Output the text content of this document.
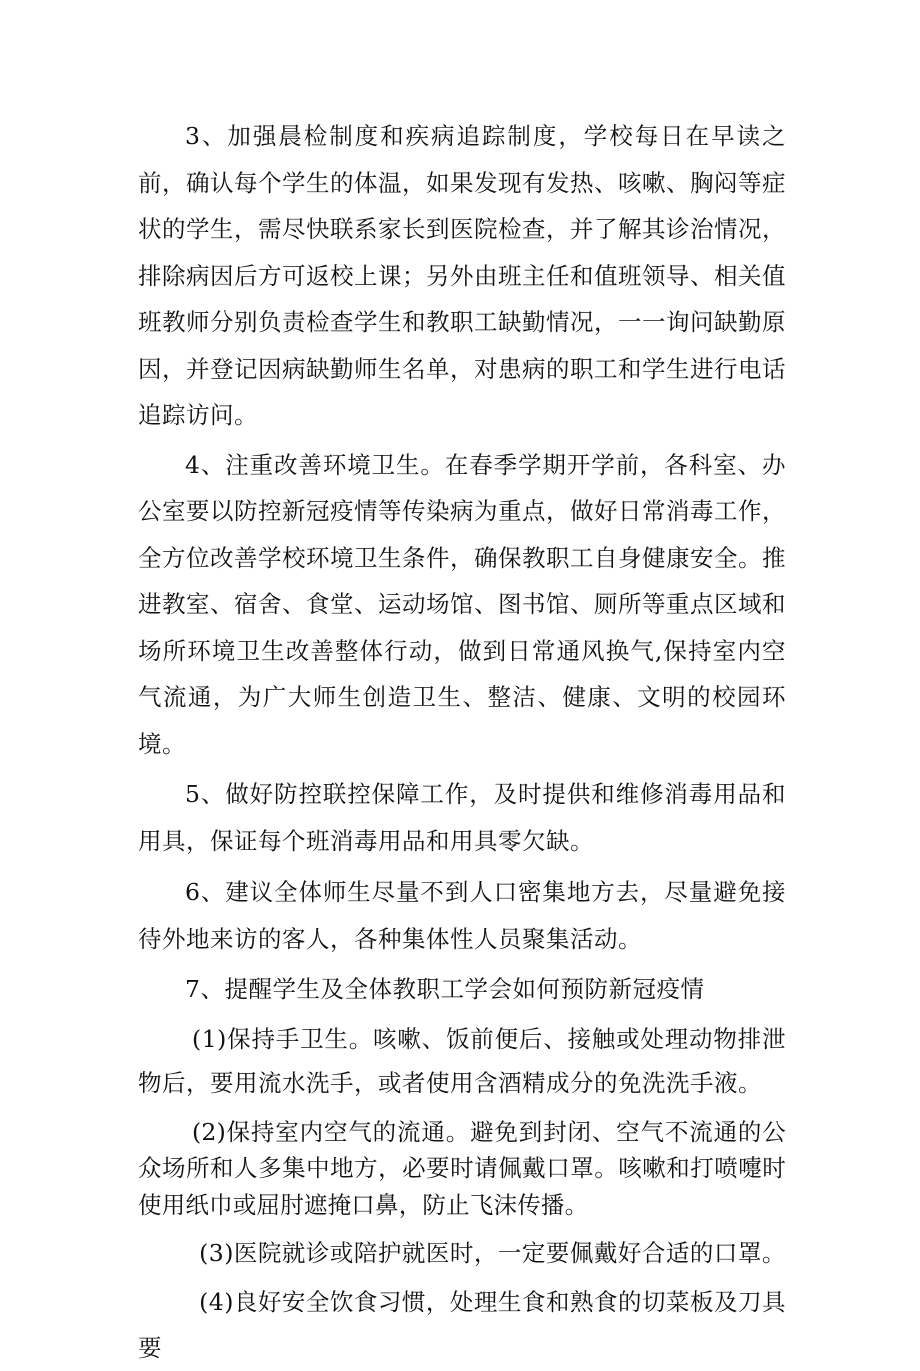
3、加强晨检制度和疾病追踪制度，学校每日在早读之前，确认每个学生的体温，如果发现有发热、咳嗽、胸闷等症状的学生，需尽快联系家长到医院检查，并了解其诊治情况，排除病因后方可返校上课；另外由班主任和值班领导、相关值班教师分别负责检查学生和教职工缺勤情况，一一询问缺勤原因，并登记因病缺勤师生名单，对患病的职工和学生进行电话追踪访问。

4、注重改善环境卫生。在春季学期开学前，各科室、办公室要以防控新冠疫情等传染病为重点，做好日常消毒工作，全方位改善学校环境卫生条件，确保教职工自身健康安全。推进教室、宿舍、食堂、运动场馆、图书馆、厕所等重点区域和场所环境卫生改善整体行动，做到日常通风换气,保持室内空气流通，为广大师生创造卫生、整洁、健康、文明的校园环境。

5、做好防控联控保障工作，及时提供和维修消毒用品和用具，保证每个班消毒用品和用具零欠缺。

6、建议全体师生尽量不到人口密集地方去，尽量避免接待外地来访的客人，各种集体性人员聚集活动。

7、提醒学生及全体教职工学会如何预防新冠疫情

(1)保持手卫生。咳嗽、饭前便后、接触或处理动物排泄物后，要用流水洗手，或者使用含酒精成分的免洗洗手液。

(2)保持室内空气的流通。避免到封闭、空气不流通的公众场所和人多集中地方，必要时请佩戴口罩。咳嗽和打喷嚏时使用纸巾或屈肘遮掩口鼻，防止飞沫传播。

(3)医院就诊或陪护就医时，一定要佩戴好合适的口罩。

(4)良好安全饮食习惯，处理生食和熟食的切菜板及刀具要
